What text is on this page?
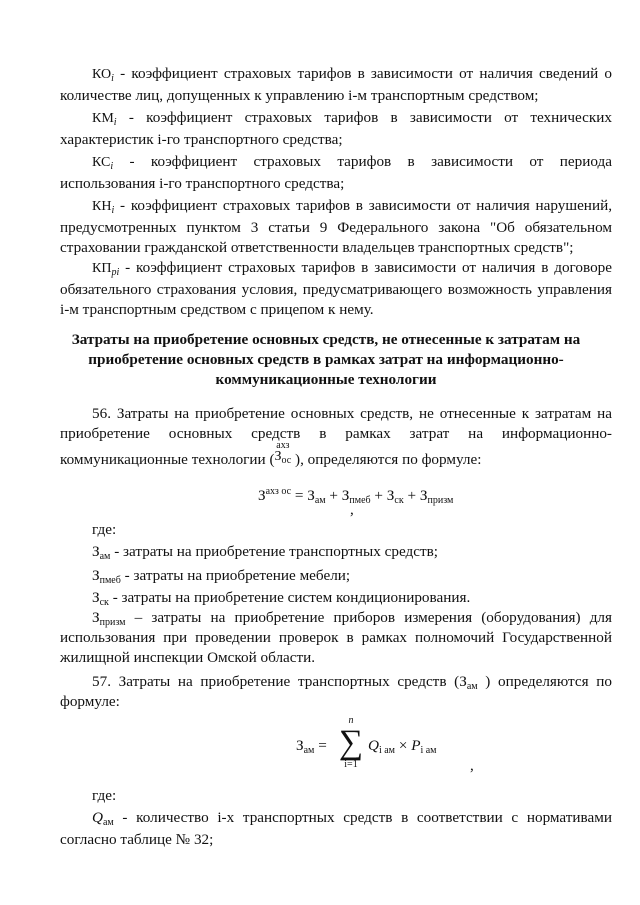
$КО_i$ - коэффициент страховых тарифов в зависимости от наличия сведений о
количестве лиц, допущенных к управлению i-м транспортным средством;
$КМ_i$ - коэффициент страховых тарифов в зависимости от технических
характеристик i-го транспортного средства;
$КС_i$ - коэффициент страховых тарифов в зависимости от периода
использования i-го транспортного средства;
$КН_i$ - коэффициент страховых тарифов в зависимости от наличия нарушений,
предусмотренных пунктом 3 статьи 9 Федерального закона "Об обязательном
страховании гражданской ответственности владельцев транспортных средств";
$КП_{pi}$ - коэффициент страховых тарифов в зависимости от наличия в договоре
обязательного страхования условия, предусматривающего возможность управления
i-м транспортным средством с прицепом к нему.
Затраты на приобретение основных средств, не отнесенные к затратам на
приобретение основных средств в рамках затрат на информационно-
коммуникационные технологии
56. Затраты на приобретение основных средств, не отнесенные к затратам на
приобретение основных средств в рамках затрат на информационно-
коммуникационные технологии (
ахз
Зос ), определяются по формуле:
$З^{ахз ос}$ = Зам + Зпмеб + Зск + Зпризм
,
где:
Зам - затраты на приобретение транспортных средств;
Зпмеб - затраты на приобретение мебели;
Зск - затраты на приобретение систем кондиционирования.
Зпризм – затраты на приобретение приборов измерения (оборудования) для
использования при проведении проверок в рамках полномочий Государственной
жилищной инспекции Омской области.
57. Затраты на приобретение транспортных средств (Зам ) определяются по
формуле:
Зам =
n
∑
i=1
Qi ам × Pi ам
,
где:
Qам - количество i-х транспортных средств в соответствии с нормативами
согласно таблице № 32;
